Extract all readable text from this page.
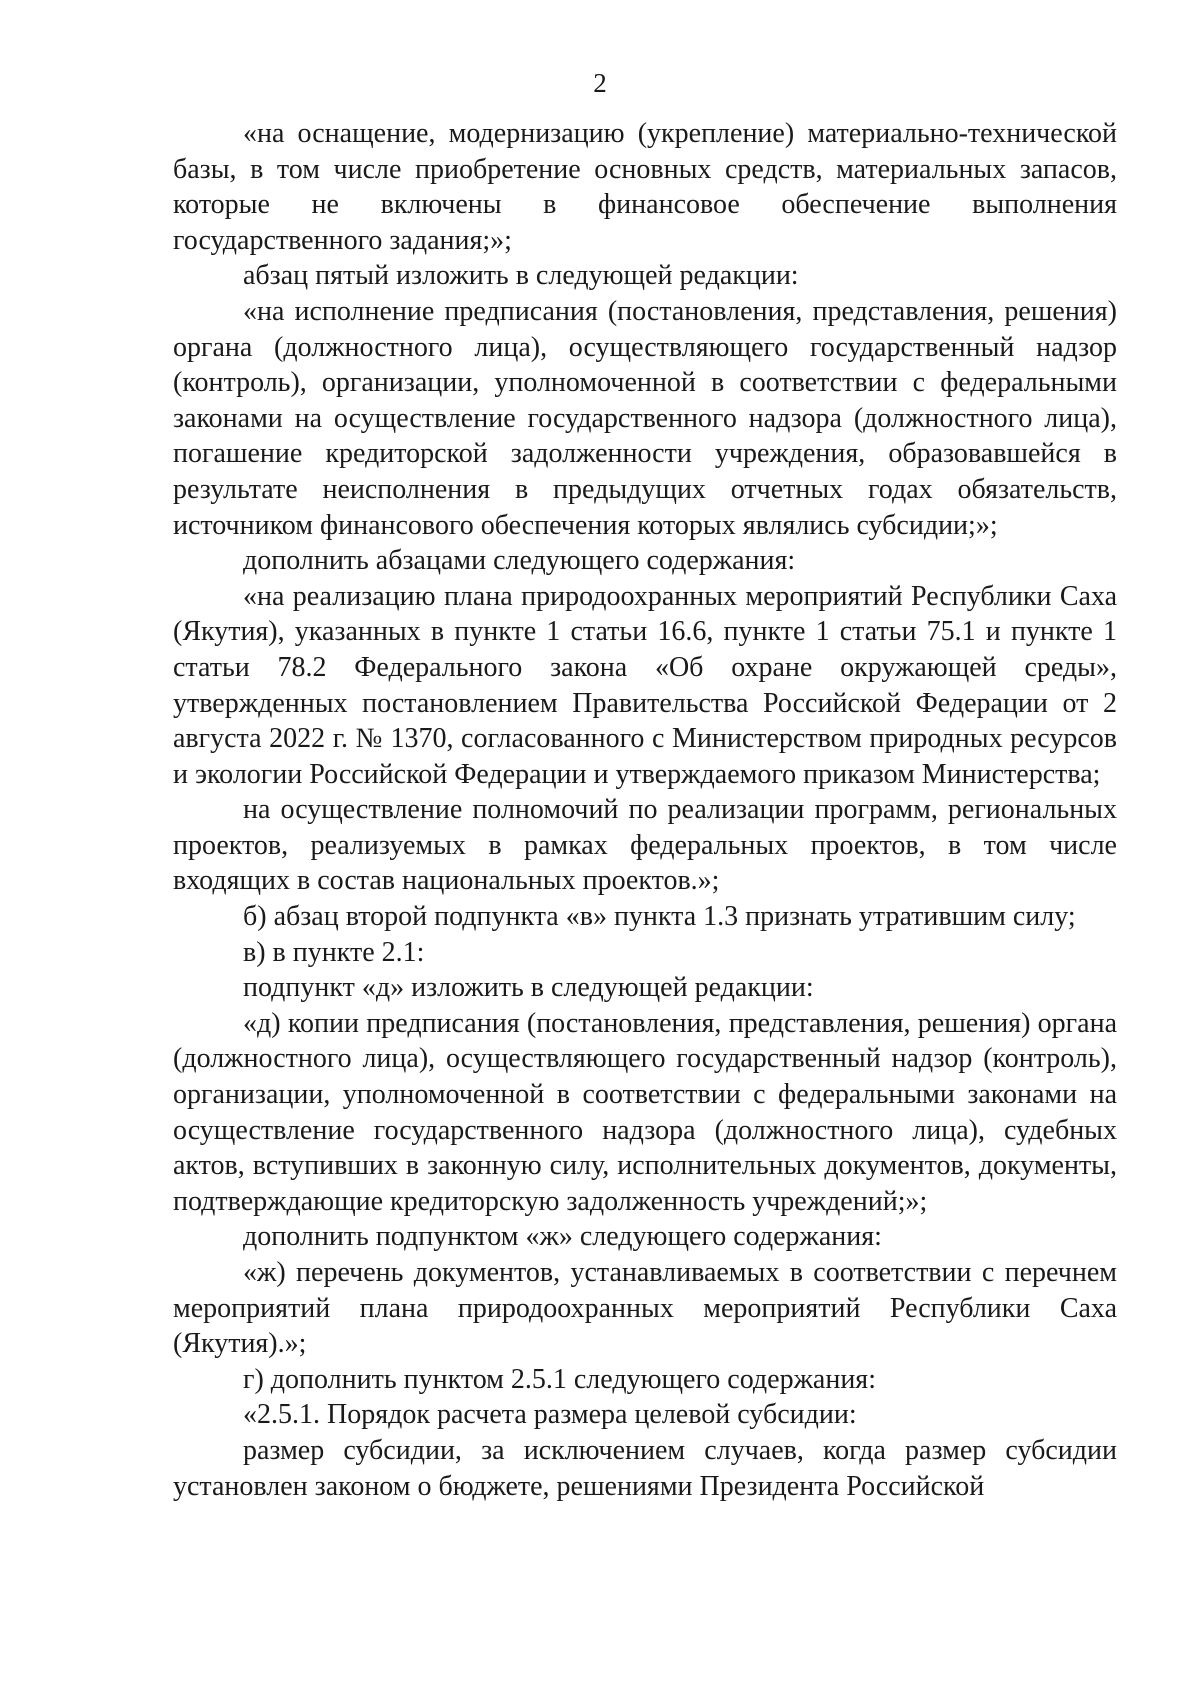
2

«на оснащение, модернизацию (укрепление) материально-технической базы, в том числе приобретение основных средств, материальных запасов, которые не включены в финансовое обеспечение выполнения государственного задания;»;

абзац пятый изложить в следующей редакции:

«на исполнение предписания (постановления, представления, решения) органа (должностного лица), осуществляющего государственный надзор (контроль), организации, уполномоченной в соответствии с федеральными законами на осуществление государственного надзора (должностного лица), погашение кредиторской задолженности учреждения, образовавшейся в результате неисполнения в предыдущих отчетных годах обязательств, источником финансового обеспечения которых являлись субсидии;»;

дополнить абзацами следующего содержания:

«на реализацию плана природоохранных мероприятий Республики Саха (Якутия), указанных в пункте 1 статьи 16.6, пункте 1 статьи 75.1 и пункте 1 статьи 78.2 Федерального закона «Об охране окружающей среды», утвержденных постановлением Правительства Российской Федерации от 2 августа 2022 г. № 1370, согласованного с Министерством природных ресурсов и экологии Российской Федерации и утверждаемого приказом Министерства;

на осуществление полномочий по реализации программ, региональных проектов, реализуемых в рамках федеральных проектов, в том числе входящих в состав национальных проектов.»;

б) абзац второй подпункта «в» пункта 1.3 признать утратившим силу;

в) в пункте 2.1:

подпункт «д» изложить в следующей редакции:

«д) копии предписания (постановления, представления, решения) органа (должностного лица), осуществляющего государственный надзор (контроль), организации, уполномоченной в соответствии с федеральными законами на осуществление государственного надзора (должностного лица), судебных актов, вступивших в законную силу, исполнительных документов, документы, подтверждающие кредиторскую задолженность учреждений;»;

дополнить подпунктом «ж» следующего содержания:

«ж) перечень документов, устанавливаемых в соответствии с перечнем мероприятий плана природоохранных мероприятий Республики Саха (Якутия).»;

г) дополнить пунктом 2.5.1 следующего содержания:

«2.5.1. Порядок расчета размера целевой субсидии:

размер субсидии, за исключением случаев, когда размер субсидии установлен законом о бюджете, решениями Президента Российской
